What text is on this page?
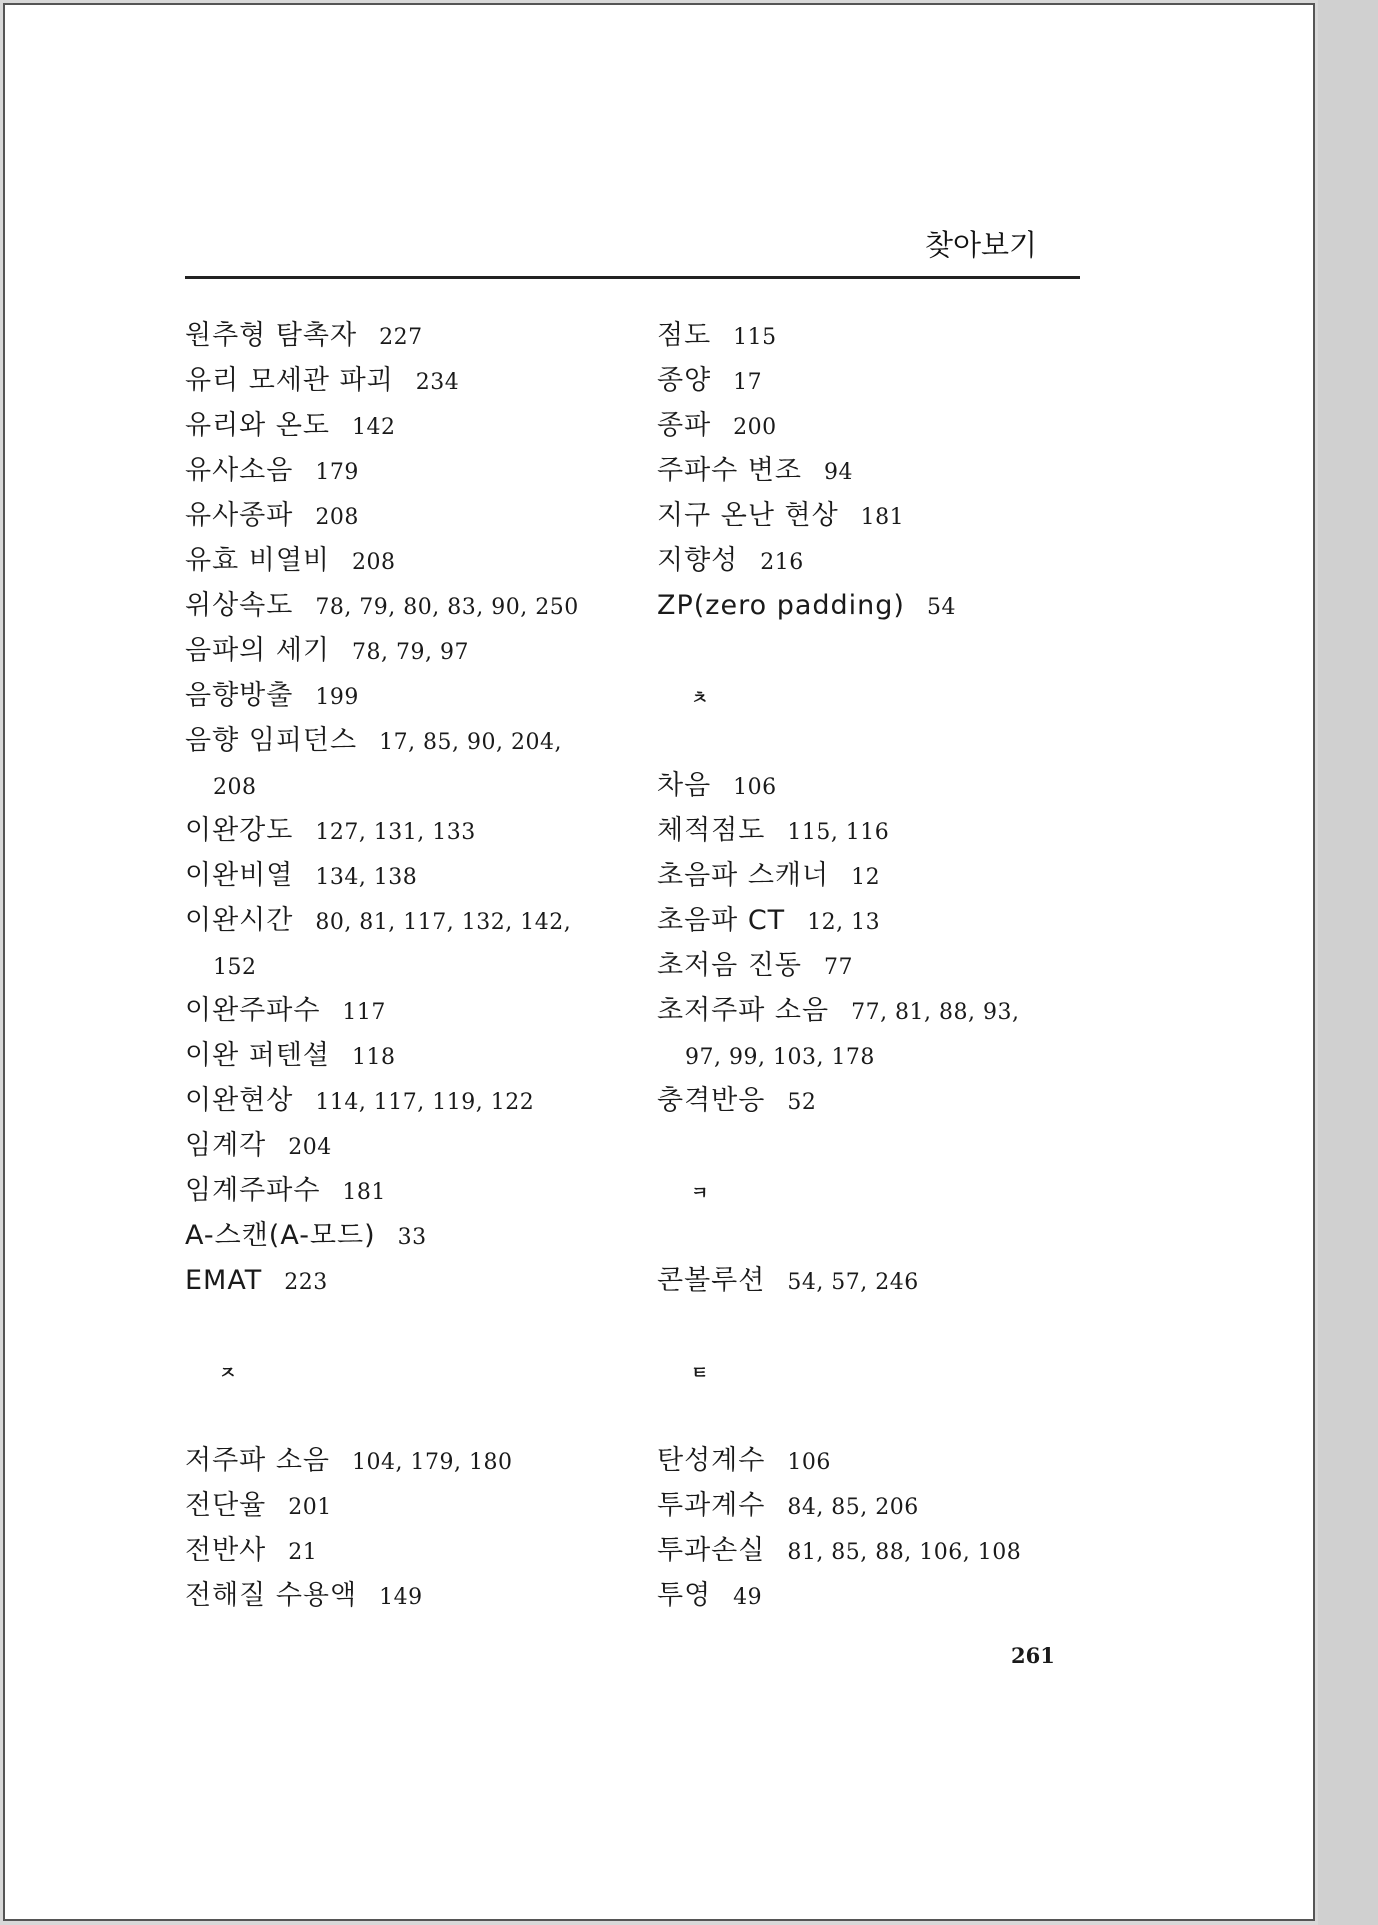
찾아보기
원추형 탐촉자 227
유리 모세관 파괴 234
유리와 온도 142
유사소음 179
유사종파 208
유효 비열비 208
위상속도 78, 79, 80, 83, 90, 250
음파의 세기 78, 79, 97
음향방출 199
음향 임피던스 17, 85, 90, 204,
208
이완강도 127, 131, 133
이완비열 134, 138
이완시간 80, 81, 117, 132, 142,
152
이완주파수 117
이완 퍼텐셜 118
이완현상 114, 117, 119, 122
임계각 204
임계주파수 181
A-스캔(A-모드) 33
EMAT 223
ㅈ
저주파 소음 104, 179, 180
전단율 201
전반사 21
전해질 수용액 149
점도 115
종양 17
종파 200
주파수 변조 94
지구 온난 현상 181
지향성 216
ZP(zero padding) 54
ㅊ
차음 106
체적점도 115, 116
초음파 스캐너 12
초음파 CT 12, 13
초저음 진동 77
초저주파 소음 77, 81, 88, 93,
97, 99, 103, 178
충격반응 52
ㅋ
콘볼루션 54, 57, 246
ㅌ
탄성계수 106
투과계수 84, 85, 206
투과손실 81, 85, 88, 106, 108
투영 49
261
